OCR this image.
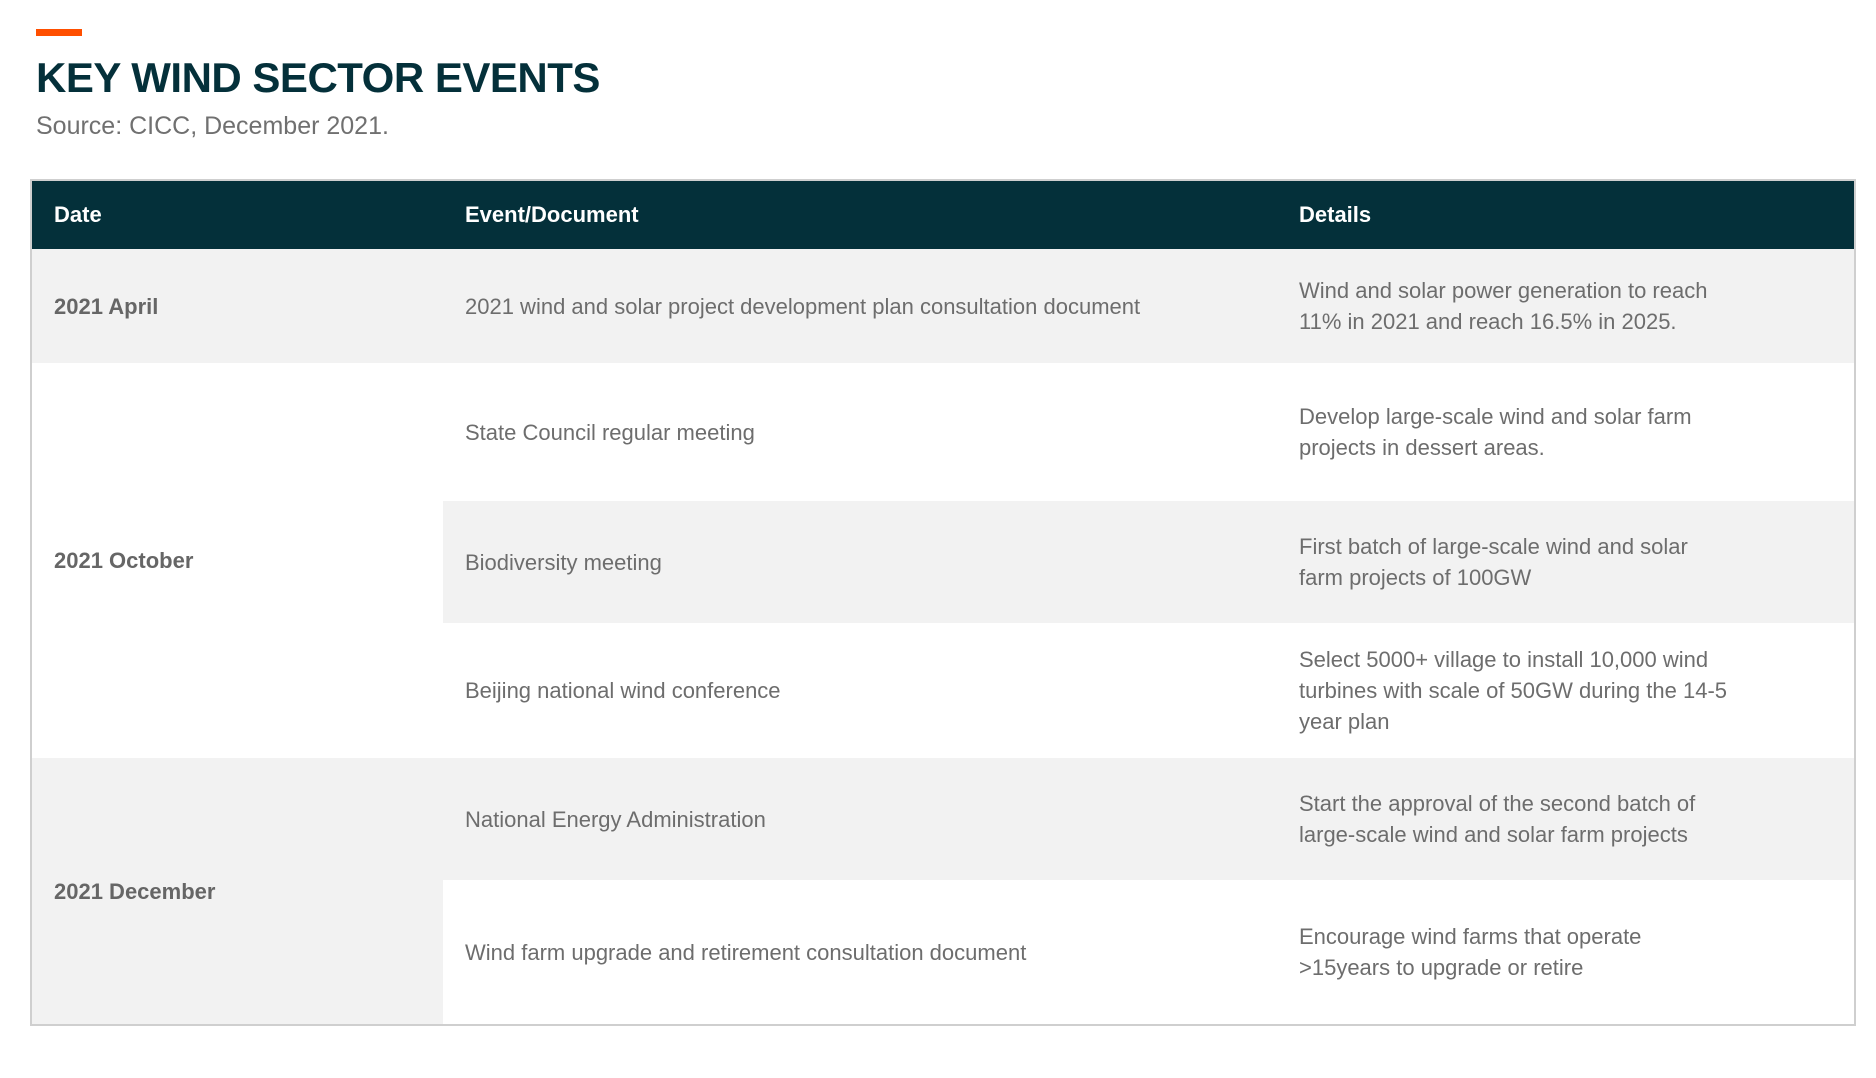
KEY WIND SECTOR EVENTS

Source: CICC, December 2021.

Date	Event/Document	Details
2021 April	2021 wind and solar project development plan consultation document	Wind and solar power generation to reach 11% in 2021 and reach 16.5% in 2025.

2021 October	State Council regular meeting	Develop large-scale wind and solar farm projects in dessert areas.

	Biodiversity meeting	First batch of large-scale wind and solar farm projects of 100GW

	Beijing national wind conference	Select 5000+ village to install 10,000 wind turbines with scale of 50GW during the 14-5 year plan

2021 December	National Energy Administration	Start the approval of the second batch of large-scale wind and solar farm projects

	Wind farm upgrade and retirement consultation document	Encourage wind farms that operate >15years to upgrade or retire
